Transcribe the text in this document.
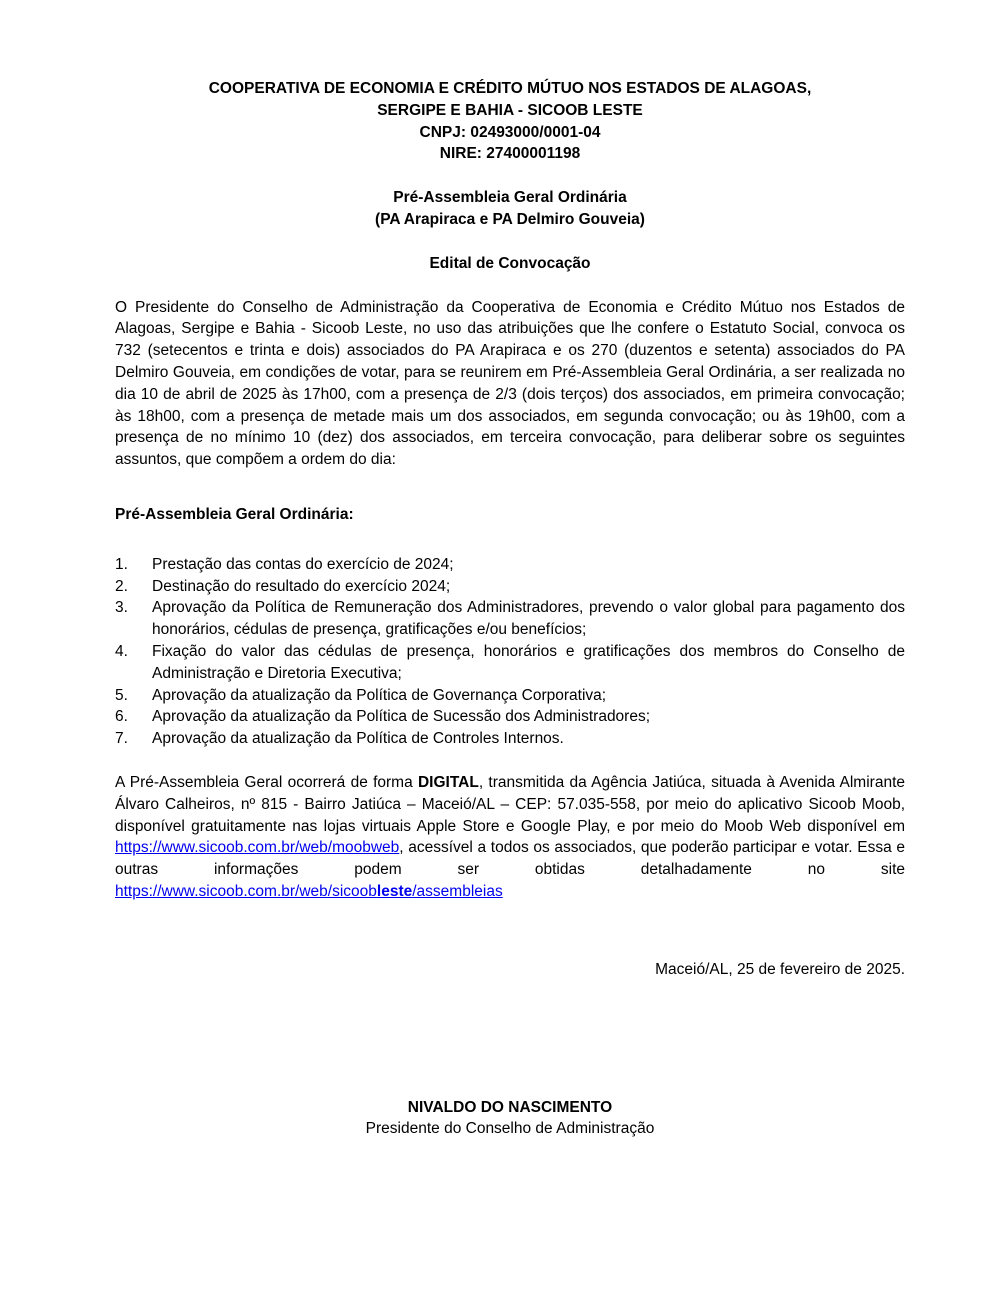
COOPERATIVA DE ECONOMIA E CRÉDITO MÚTUO NOS ESTADOS DE ALAGOAS,
SERGIPE E BAHIA - SICOOB LESTE
CNPJ: 02493000/0001-04
NIRE: 27400001198
Pré-Assembleia Geral Ordinária
(PA Arapiraca e PA Delmiro Gouveia)
Edital de Convocação

O Presidente do Conselho de Administração da Cooperativa de Economia e Crédito Mútuo nos Estados de Alagoas, Sergipe e Bahia - Sicoob Leste, no uso das atribuições que lhe confere o Estatuto Social, convoca os 732 (setecentos e trinta e dois) associados do PA Arapiraca e os 270 (duzentos e setenta) associados do PA Delmiro Gouveia, em condições de votar, para se reunirem em Pré-Assembleia Geral Ordinária, a ser realizada no dia 10 de abril de 2025 às 17h00, com a presença de 2/3 (dois terços) dos associados, em primeira convocação; às 18h00, com a presença de metade mais um dos associados, em segunda convocação; ou às 19h00, com a presença de no mínimo 10 (dez) dos associados, em terceira convocação, para deliberar sobre os seguintes assuntos, que compõem a ordem do dia:

Pré-Assembleia Geral Ordinária:
Prestação das contas do exercício de 2024;
Destinação do resultado do exercício 2024;
Aprovação da Política de Remuneração dos Administradores, prevendo o valor global para pagamento dos honorários, cédulas de presença, gratificações e/ou benefícios;
Fixação do valor das cédulas de presença, honorários e gratificações dos membros do Conselho de Administração e Diretoria Executiva;
Aprovação da atualização da Política de Governança Corporativa;
Aprovação da atualização da Política de Sucessão dos Administradores;
Aprovação da atualização da Política de Controles Internos.

A Pré-Assembleia Geral ocorrerá de forma DIGITAL, transmitida da Agência Jatiúca, situada à Avenida Almirante Álvaro Calheiros, nº 815 - Bairro Jatiúca – Maceió/AL – CEP: 57.035-558, por meio do aplicativo Sicoob Moob, disponível gratuitamente nas lojas virtuais Apple Store e Google Play, e por meio do Moob Web disponível em https://www.sicoob.com.br/web/moobweb, acessível a todos os associados, que poderão participar e votar. Essa e outras informações podem ser obtidas detalhadamente no site https://www.sicoob.com.br/web/sicoobleste/assembleias

Maceió/AL, 25 de fevereiro de 2025.
NIVALDO DO NASCIMENTO
Presidente do Conselho de Administração
